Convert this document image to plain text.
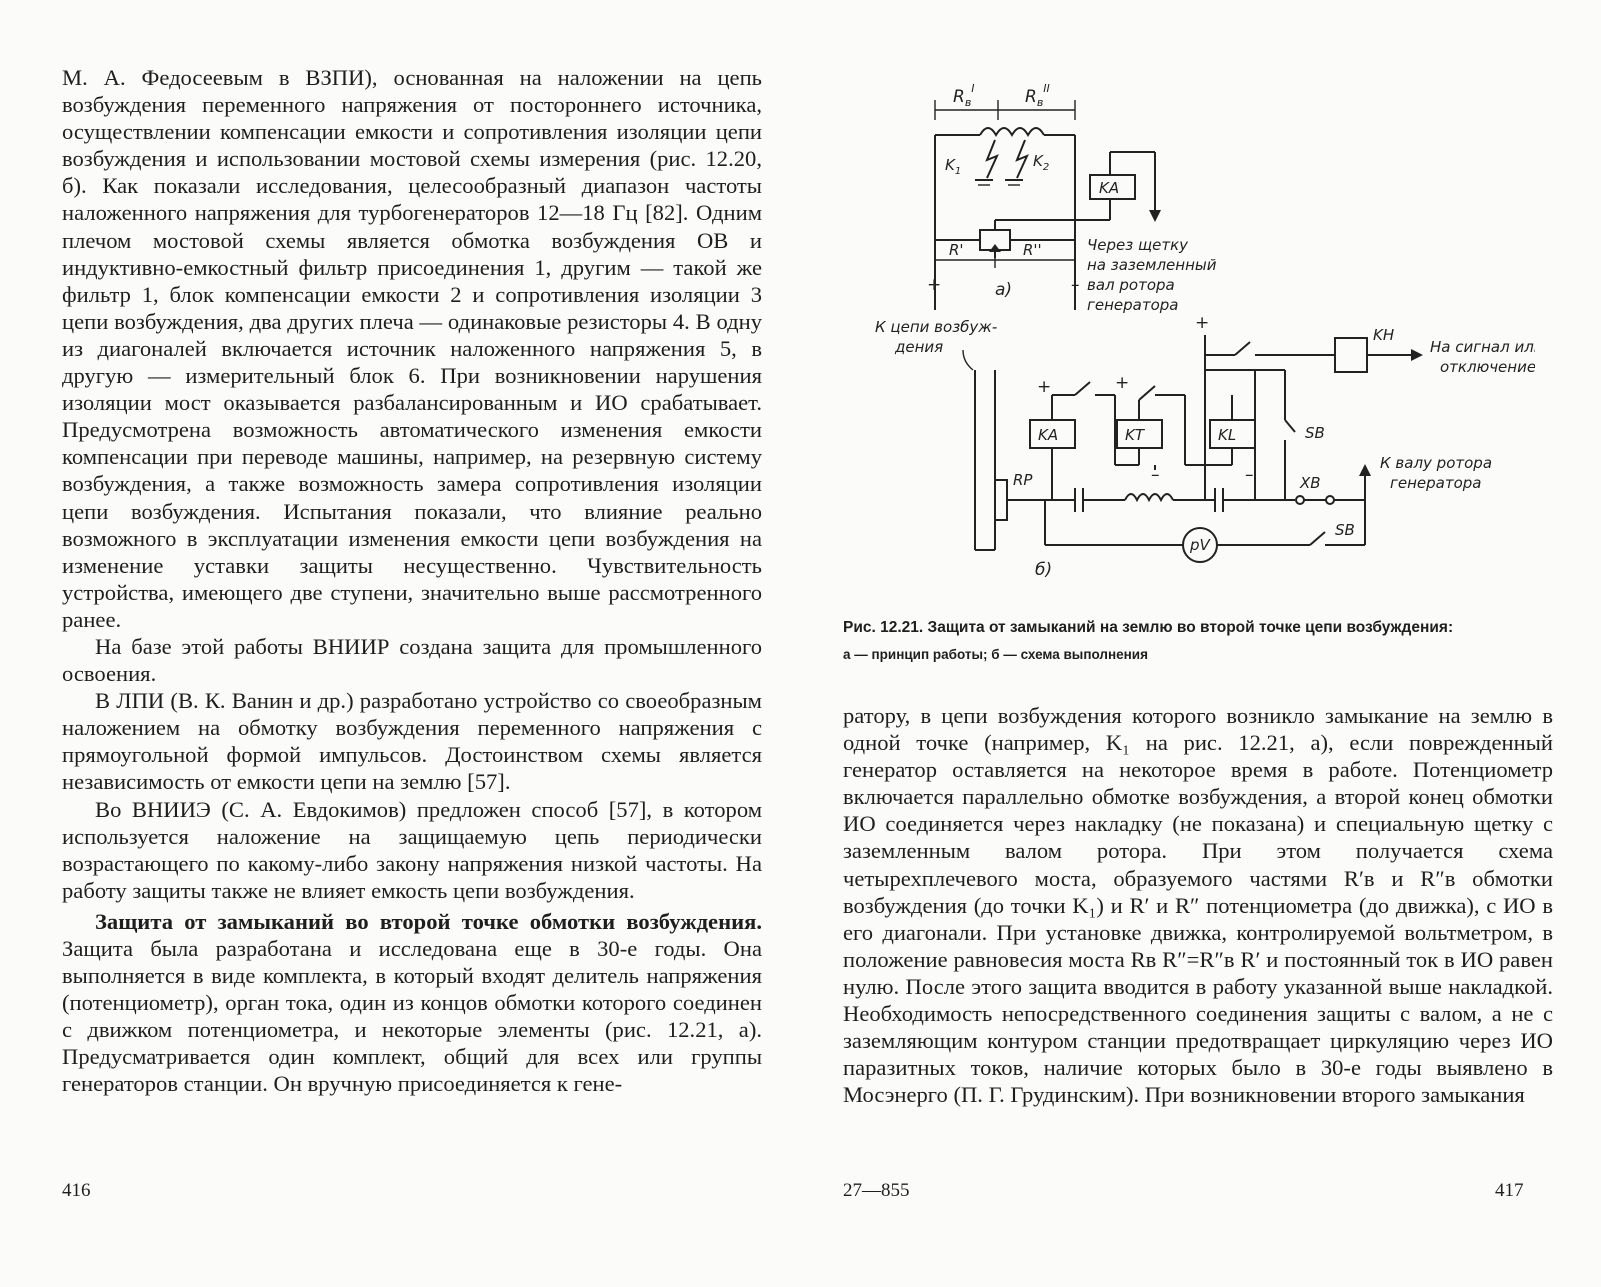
М. А. Федосеевым в ВЗПИ), основанная на наложении на цепь возбуждения переменного напряжения от постороннего источника, осуществлении компенсации емкости и сопротивления изоляции цепи возбуждения и использовании мостовой схемы измерения (рис. 12.20, б). Как показали исследования, целесообразный диапазон частоты наложенного напряжения для турбогенераторов 12—18 Гц [82]. Одним плечом мостовой схемы является обмотка возбуждения ОВ и индуктивно-емкостный фильтр присоединения 1, другим — такой же фильтр 1, блок компенсации емкости 2 и сопротивления изоляции 3 цепи возбуждения, два других плеча — одинаковые резисторы 4. В одну из диагоналей включается источник наложенного напряжения 5, в другую — измерительный блок 6. При возникновении нарушения изоляции мост оказывается разбалансированным и ИО срабатывает. Предусмотрена возможность автоматического изменения емкости компенсации при переводе машины, например, на резервную систему возбуждения, а также возможность замера сопротивления изоляции цепи возбуждения. Испытания показали, что влияние реально возможного в эксплуатации изменения емкости цепи возбуждения на изменение уставки защиты несущественно. Чувствительность устройства, имеющего две ступени, значительно выше рассмотренного ранее.

На базе этой работы ВНИИР создана защита для промышленного освоения.

В ЛПИ (В. К. Ванин и др.) разработано устройство со своеобразным наложением на обмотку возбуждения переменного напряжения с прямоугольной формой импульсов. Достоинством схемы является независимость от емкости цепи на землю [57].

Во ВНИИЭ (С. А. Евдокимов) предложен способ [57], в котором используется наложение на защищаемую цепь периодически возрастающего по какому-либо закону напряжения низкой частоты. На работу защиты также не влияет емкость цепи возбуждения.

Защита от замыканий во второй точке обмотки возбуждения. Защита была разработана и исследована еще в 30-е годы. Она выполняется в виде комплекта, в который входят делитель напряжения (потенциометр), орган тока, один из концов обмотки которого соединен с движком потенциометра, и некоторые элементы (рис. 12.21, а). Предусматривается один комплект, общий для всех или группы генераторов станции. Он вручную присоединяется к гене-

416
$R_в^I$	$R_в^{II}$
$K_1$
$K_2$
KA
R'	R''
+	–
а)
Через щетку
на заземленный
вал ротора
генератора
К цепи возбуж-
дения
RP	XB
К валу ротора
генератора
pV
SB
б)
KA
+
KT
+
–
KL
–
+
KH
На сигнал или
отключение
SB
Рис. 12.21. Защита от замыканий на землю во второй точке цепи возбуждения:
а — принцип работы; б — схема выполнения

ратору, в цепи возбуждения которого возникло замыкание на землю в одной точке (например, K₁ на рис. 12.21, а), если поврежденный генератор оставляется на некоторое время в работе. Потенциометр включается параллельно обмотке возбуждения, а второй конец обмотки ИО соединяется через накладку (не показана) и специальную щетку с заземленным валом ротора. При этом получается схема четырехплечевого моста, образуемого частями R′в и R″в обмотки возбуждения (до точки K₁) и R′ и R″ потенциометра (до движка), с ИО в его диагонали. При установке движка, контролируемой вольтметром, в положение равновесия моста Rв R″=R″в R′ и постоянный ток в ИО равен нулю. После этого защита вводится в работу указанной выше накладкой. Необходимость непосредственного соединения защиты с валом, а не с заземляющим контуром станции предотвращает циркуляцию через ИО паразитных токов, наличие которых было в 30-е годы выявлено в Мосэнерго (П. Г. Грудинским). При возникновении второго замыкания

27—855	417
